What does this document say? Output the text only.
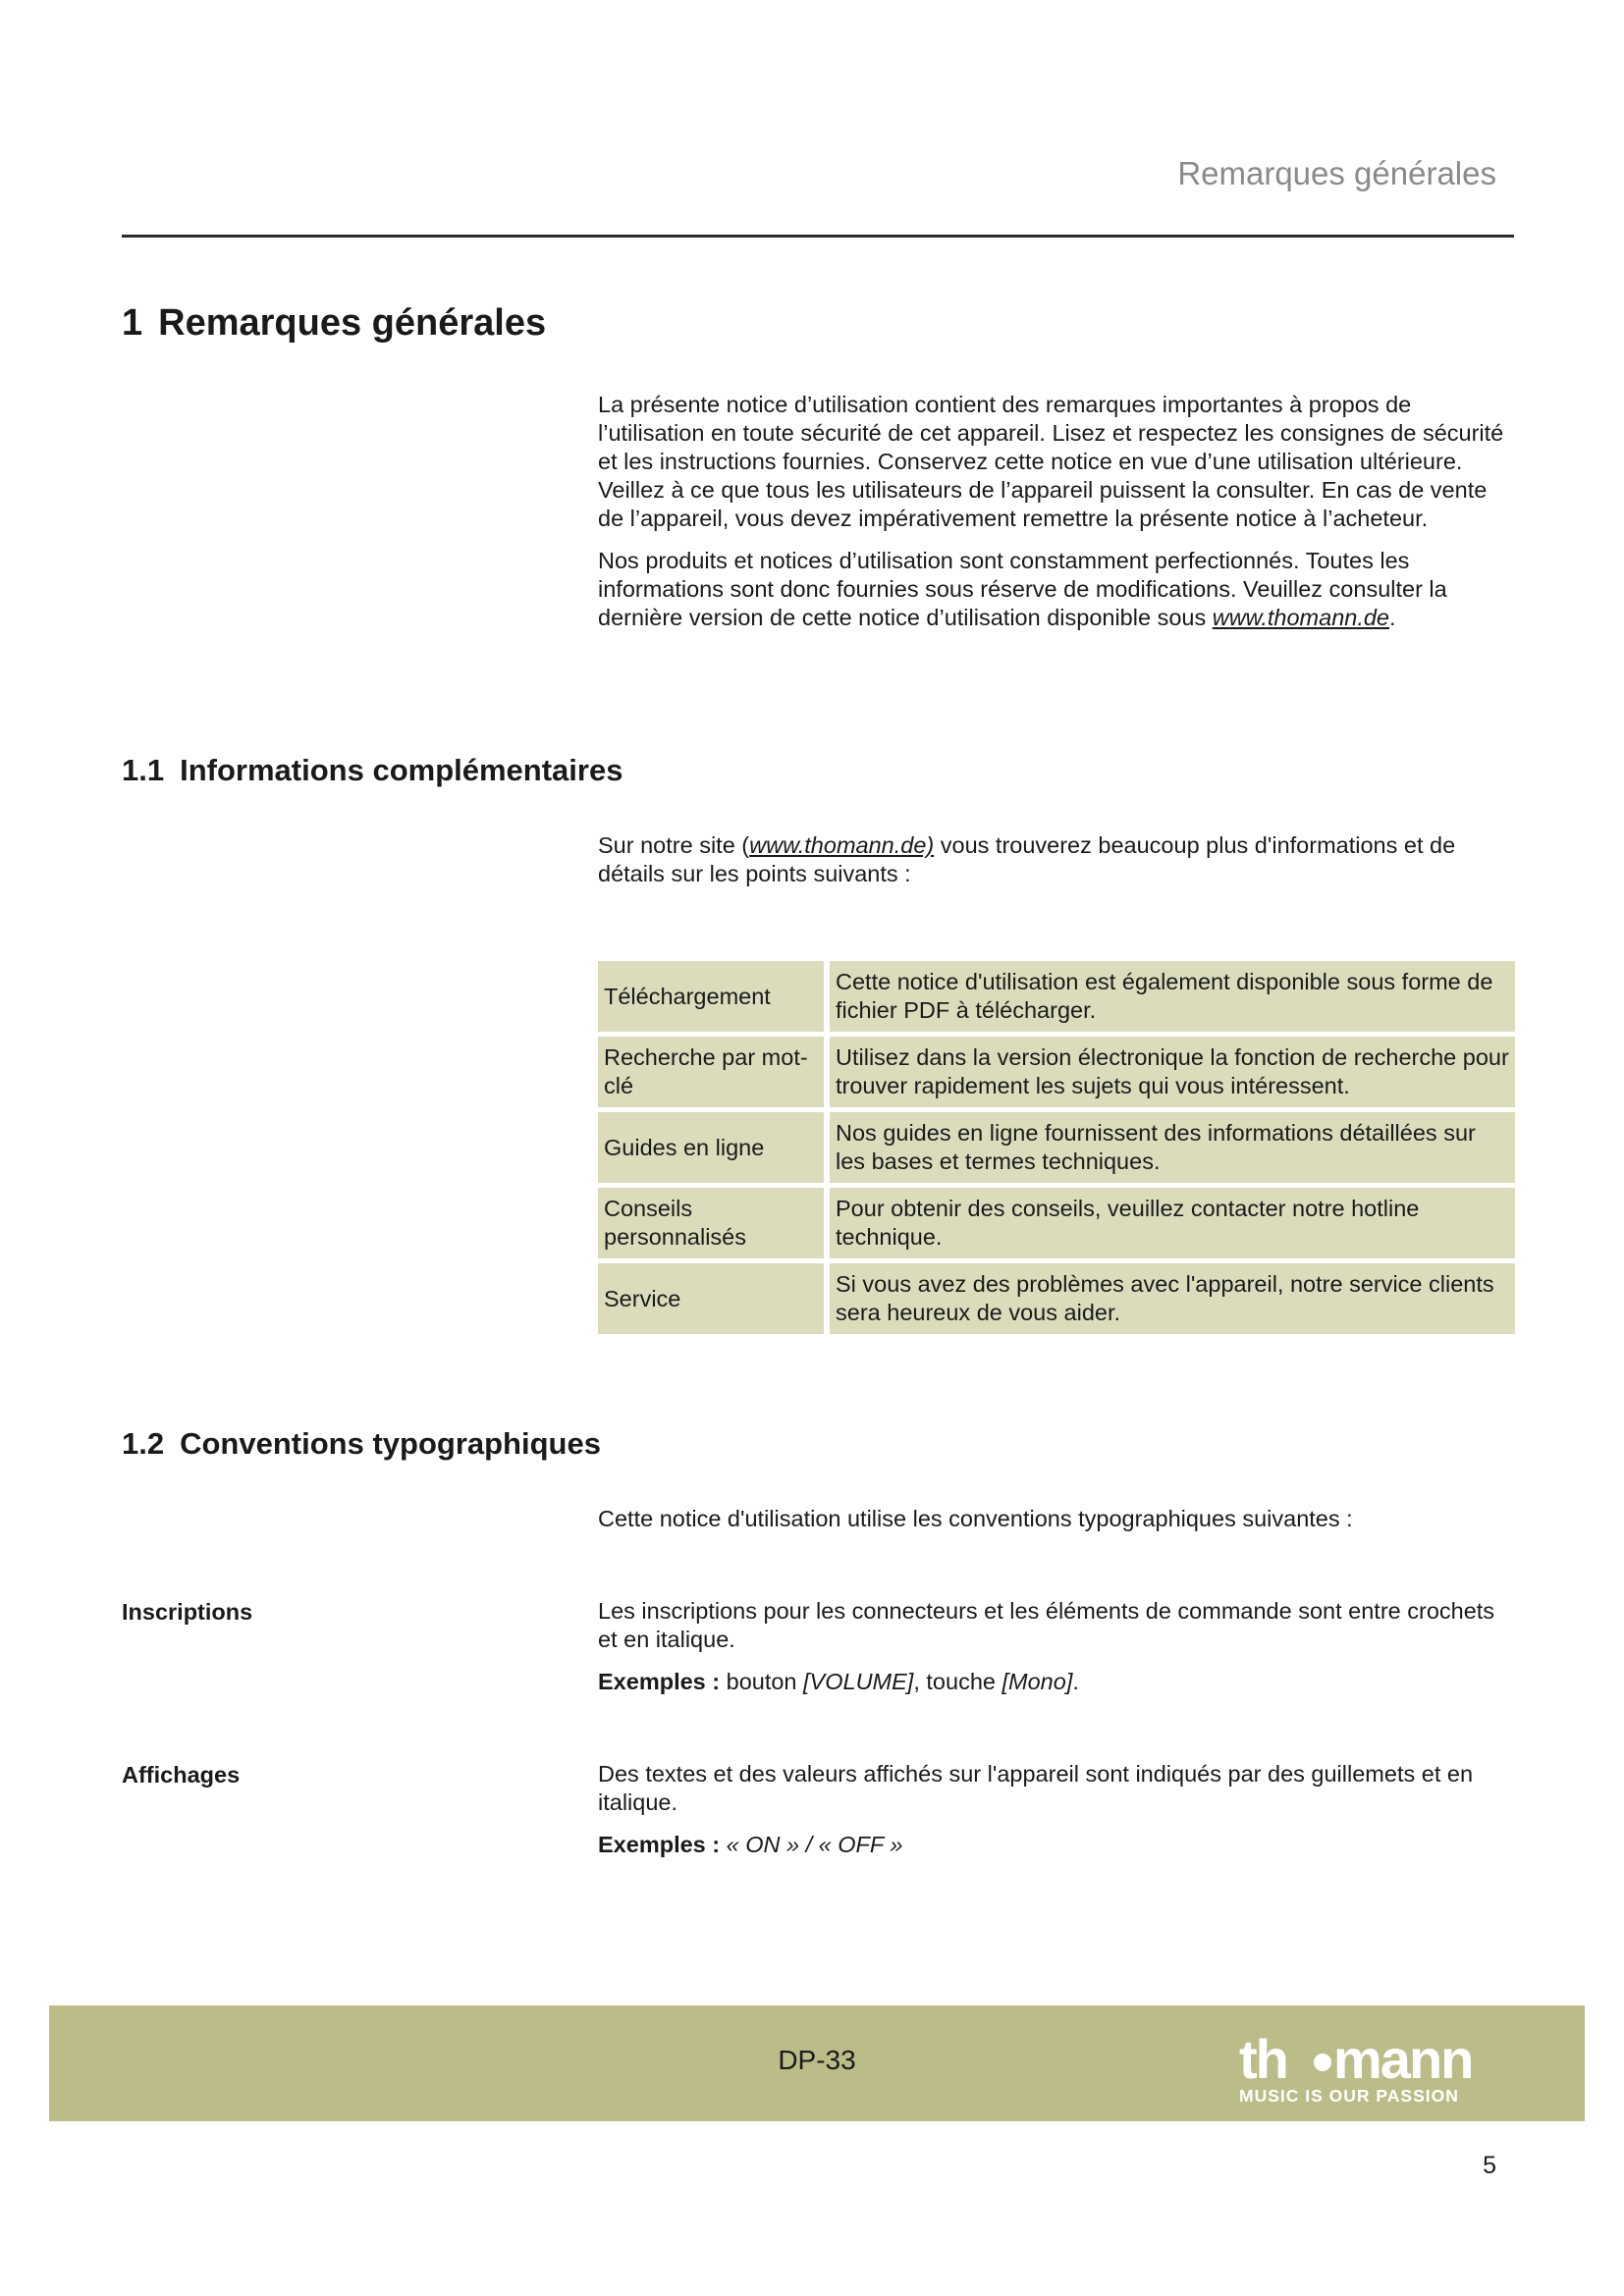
Remarques générales
1 Remarques générales

La présente notice d’utilisation contient des remarques importantes à propos de l’utilisation en toute sécurité de cet appareil. Lisez et respectez les consignes de sécurité et les instructions fournies. Conservez cette notice en vue d’une utilisation ultérieure. Veillez à ce que tous les utilisateurs de l’appareil puissent la consulter. En cas de vente de l’appareil, vous devez impérativement remettre la présente notice à l’acheteur.

Nos produits et notices d’utilisation sont constamment perfectionnés. Toutes les informations sont donc fournies sous réserve de modifications. Veuillez consulter la dernière version de cette notice d’utilisation disponible sous www.thomann.de.

1.1 Informations complémentaires

Sur notre site (www.thomann.de) vous trouverez beaucoup plus d'informations et de détails sur les points suivants :

Téléchargement	Cette notice d'utilisation est également disponible sous forme de fichier PDF à télécharger.
Recherche par mot-clé	Utilisez dans la version électronique la fonction de recherche pour trouver rapidement les sujets qui vous intéressent.
Guides en ligne	Nos guides en ligne fournissent des informations détaillées sur les bases et termes techniques.
Conseils personnalisés	Pour obtenir des conseils, veuillez contacter notre hotline technique.
Service	Si vous avez des problèmes avec l'appareil, notre service clients sera heureux de vous aider.
1.2 Conventions typographiques
Cette notice d'utilisation utilise les conventions typographiques suivantes :
Inscriptions	Les inscriptions pour les connecteurs et les éléments de commande sont entre crochets et en italique.

Exemples : bouton [VOLUME], touche [Mono].

Affichages	Des textes et des valeurs affichés sur l'appareil sont indiqués par des guillemets et en italique.

Exemples : « ON » / « OFF »

DP-33	th mann
MUSIC IS OUR PASSION
5
